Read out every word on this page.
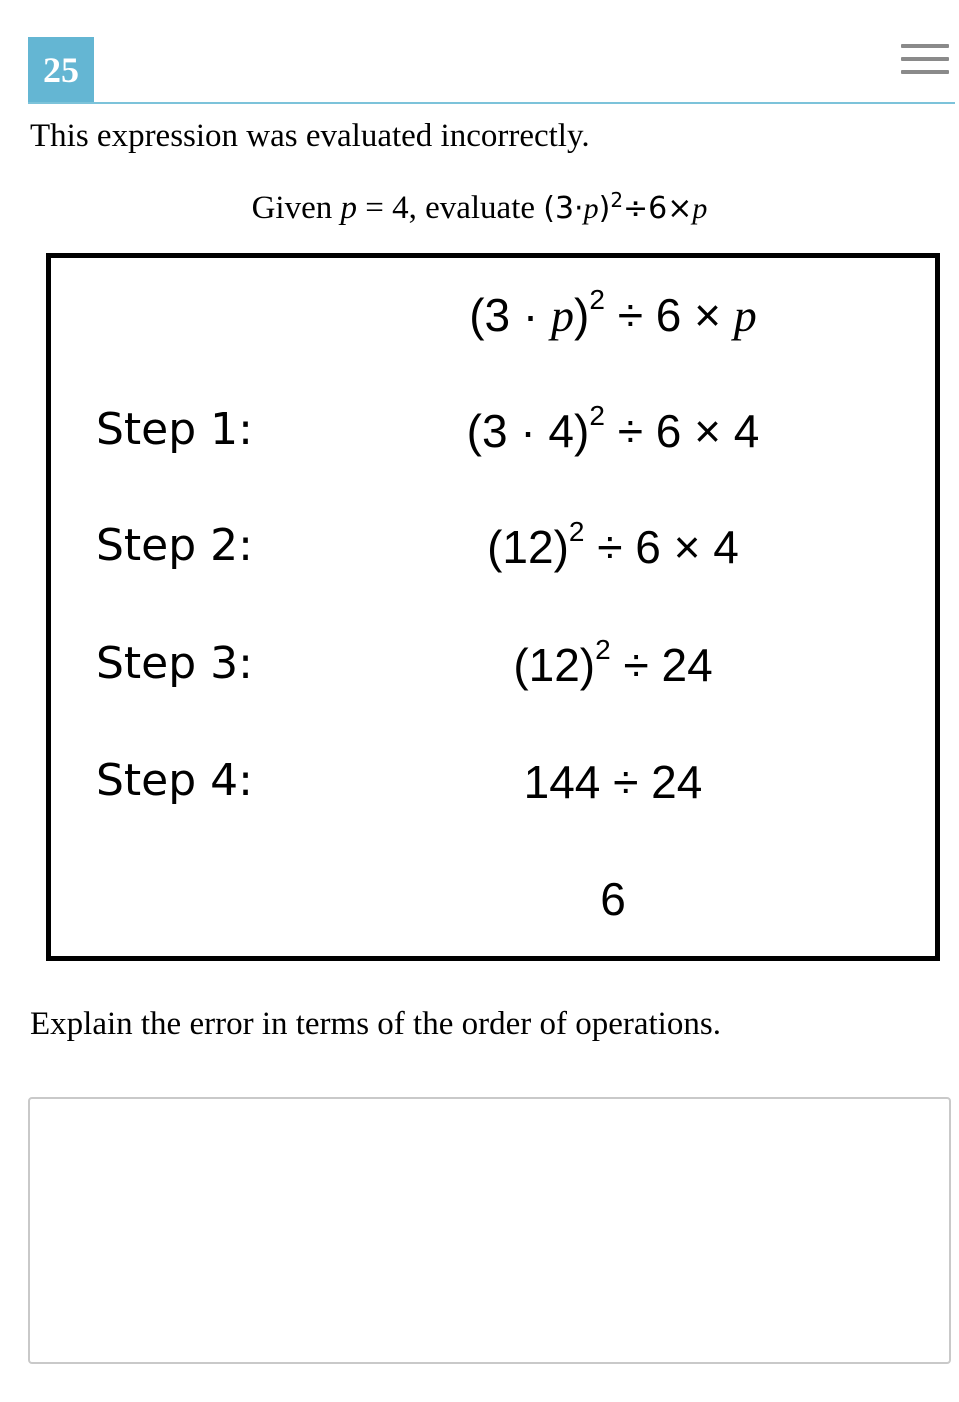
25
This expression was evaluated incorrectly.
Given p = 4, evaluate $(3\cdot p)^2\div 6\times p$
$(3 \cdot p)^2 \div 6 \times p$
Step 1:	$(3 \cdot 4)^2 \div 6 \times 4$
Step 2:	$(12)^2 \div 6 \times 4$
Step 3:	$(12)^2 \div 24$
Step 4:	144 ÷ 24
6
Explain the error in terms of the order of operations.
